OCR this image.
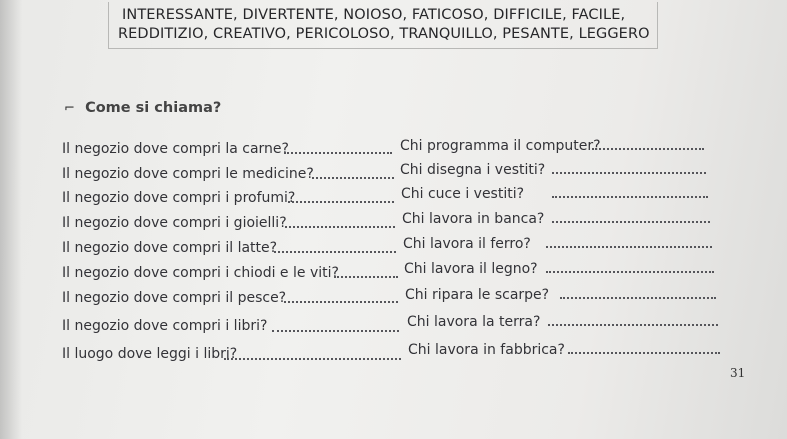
INTERESSANTE, DIVERTENTE, NOIOSO, FATICOSO, DIFFICILE, FACILE,
REDDITIZIO, CREATIVO, PERICOLOSO, TRANQUILLO, PESANTE, LEGGERO
⌐ Come si chiama?
Il negozio dove compri la carne?
Il negozio dove compri le medicine?
Il negozio dove compri i profumi?
Il negozio dove compri i gioielli?
Il negozio dove compri il latte?
Il negozio dove compri i chiodi e le viti?
Il negozio dove compri il pesce?
Il negozio dove compri i libri?
Il luogo dove leggi i libri?
Chi programma il computer?
Chi disegna i vestiti?
Chi cuce i vestiti?
Chi lavora in banca?
Chi lavora il ferro?
Chi lavora il legno?
Chi ripara le scarpe?
Chi lavora la terra?
Chi lavora in fabbrica?
31
